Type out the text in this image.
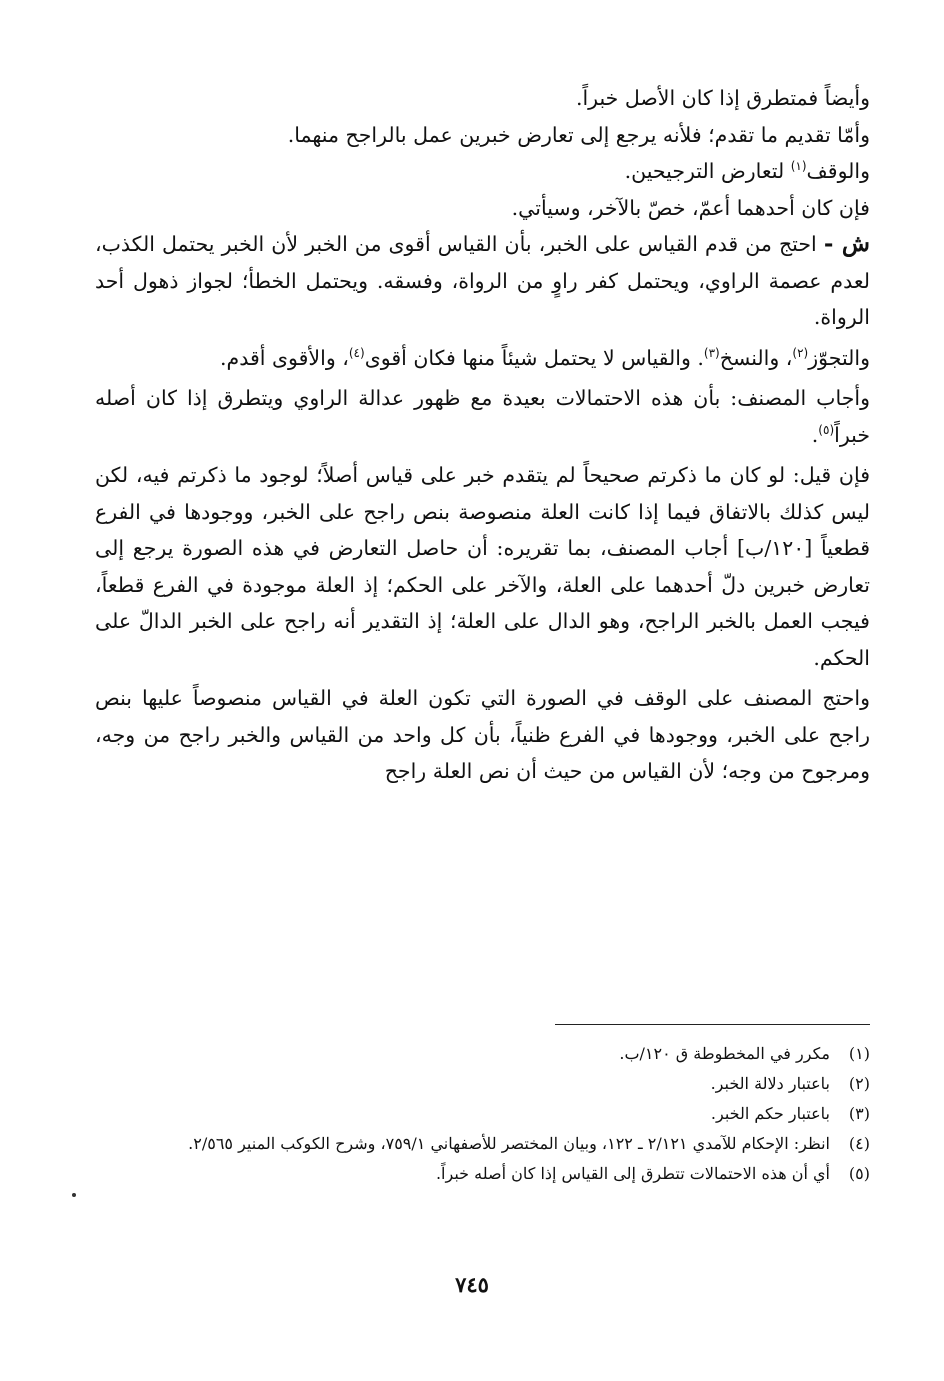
وأيضاً فمتطرق إذا كان الأصل خبراً.

وأمّا تقديم ما تقدم؛ فلأنه يرجع إلى تعارض خبرين عمل بالراجح منهما.

والوقف$^{(١)}$ لتعارض الترجيحين.

فإن كان أحدهما أعمّ، خصّ بالآخر، وسيأتي.

ش - احتج من قدم القياس على الخبر، بأن القياس أقوى من الخبر لأن الخبر يحتمل الكذب، لعدم عصمة الراوي، ويحتمل كفر راوٍ من الرواة، وفسقه. ويحتمل الخطأ؛ لجواز ذهول أحد الرواة.

والتجوّز$^{(٢)}$، والنسخ$^{(٣)}$. والقياس لا يحتمل شيئاً منها فكان أقوى$^{(٤)}$، والأقوى أقدم.

وأجاب المصنف: بأن هذه الاحتمالات بعيدة مع ظهور عدالة الراوي ويتطرق إذا كان أصله خبراً$^{(٥)}$.

فإن قيل: لو كان ما ذكرتم صحيحاً لم يتقدم خبر على قياس أصلاً؛ لوجود ما ذكرتم فيه، لكن ليس كذلك بالاتفاق فيما إذا كانت العلة منصوصة بنص راجح على الخبر، ووجودها في الفرع قطعياً [١٢٠/ب] أجاب المصنف، بما تقريره: أن حاصل التعارض في هذه الصورة يرجع إلى تعارض خبرين دلّ أحدهما على العلة، والآخر على الحكم؛ إذ العلة موجودة في الفرع قطعاً، فيجب العمل بالخبر الراجح، وهو الدال على العلة؛ إذ التقدير أنه راجح على الخبر الدالّ على الحكم.

واحتج المصنف على الوقف في الصورة التي تكون العلة في القياس منصوصاً عليها بنص راجح على الخبر، ووجودها في الفرع ظنياً، بأن كل واحد من القياس والخبر راجح من وجه، ومرجوح من وجه؛ لأن القياس من حيث أن نص العلة راجح

(١)
مكرر في المخطوطة ق ١٢٠/ب.
(٢)
باعتبار دلالة الخبر.
(٣)
باعتبار حكم الخبر.
(٤)
انظر: الإحكام للآمدي ٢/١٢١ ـ ١٢٢، وبيان المختصر للأصفهاني ٧٥٩/١، وشرح الكوكب المنير ٢/٥٦٥.
(٥)
أي أن هذه الاحتمالات تتطرق إلى القياس إذا كان أصله خبراً.
٧٤٥
